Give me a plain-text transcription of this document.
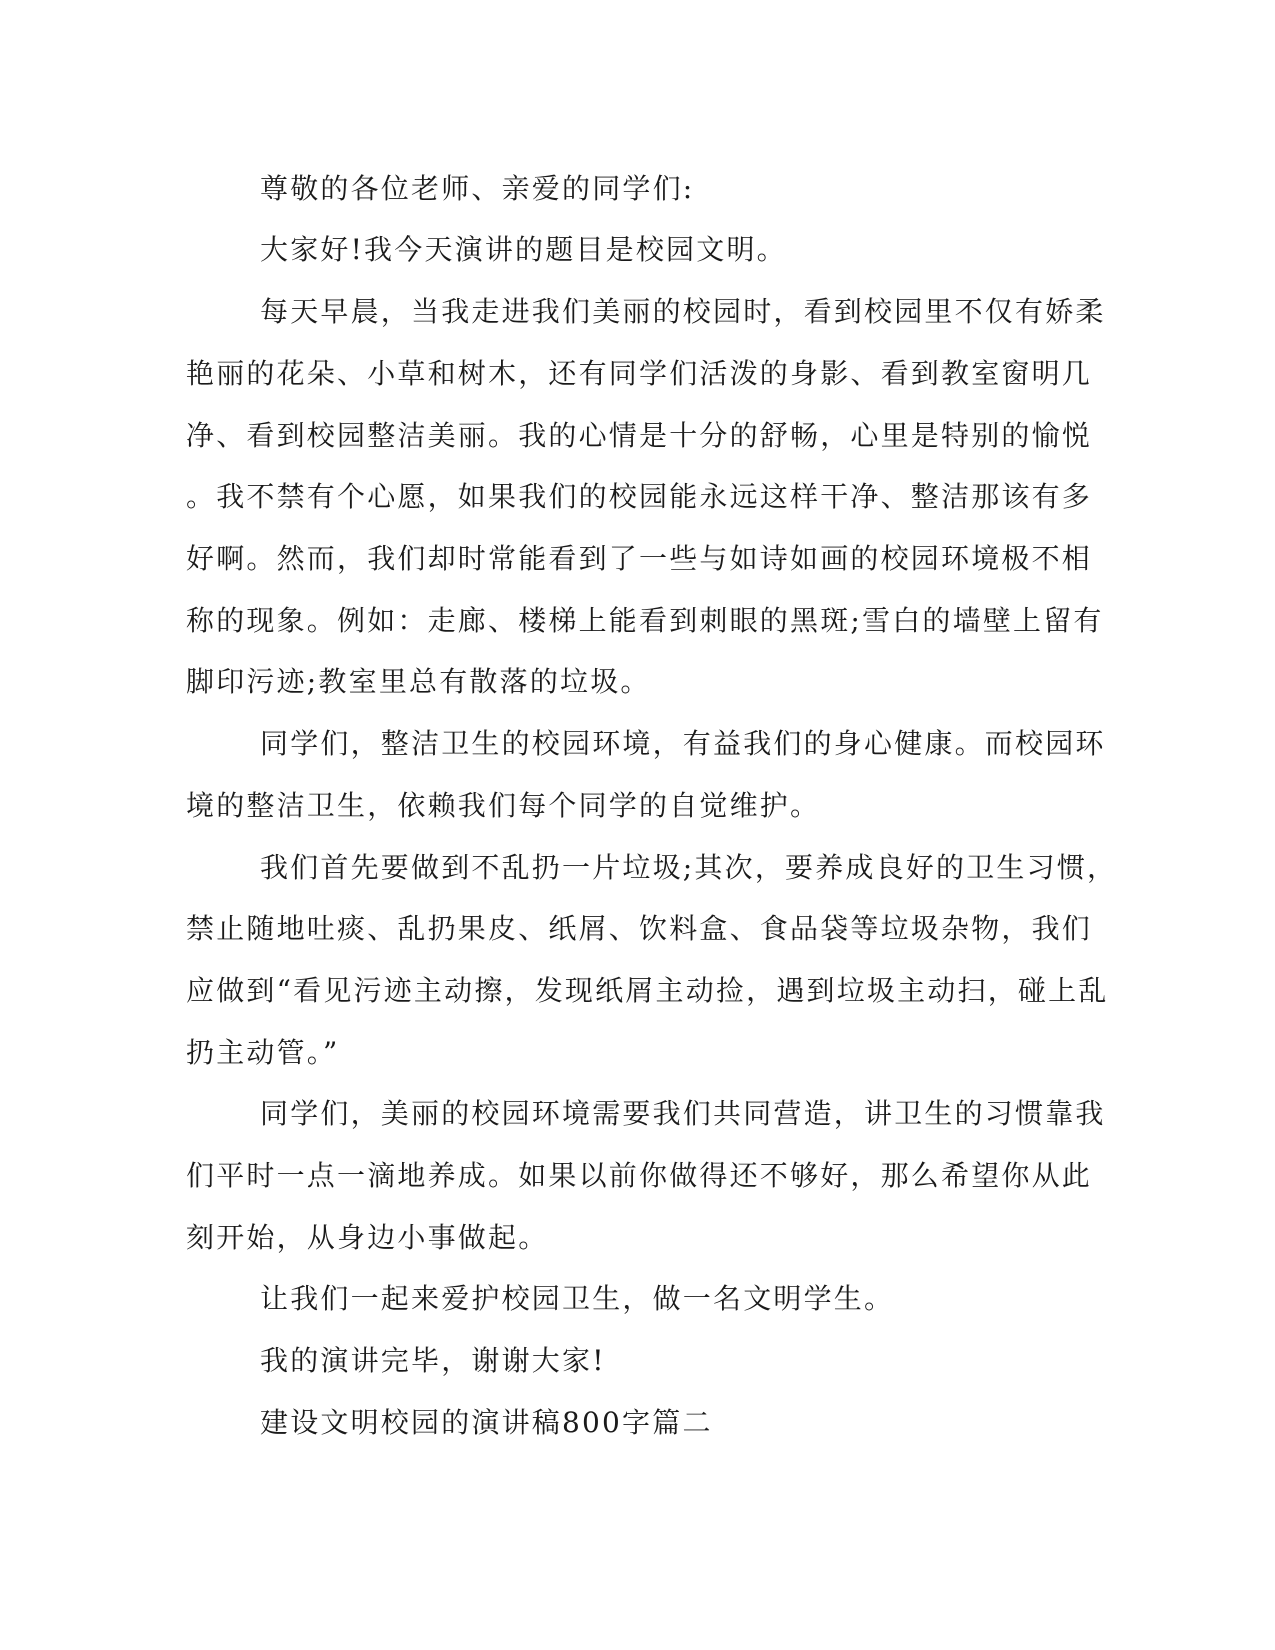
尊敬的各位老师、亲爱的同学们:
大家好!我今天演讲的题目是校园文明。
每天早晨，当我走进我们美丽的校园时，看到校园里不仅有娇柔
艳丽的花朵、小草和树木，还有同学们活泼的身影、看到教室窗明几
净、看到校园整洁美丽。我的心情是十分的舒畅，心里是特别的愉悦
。我不禁有个心愿，如果我们的校园能永远这样干净、整洁那该有多
好啊。然而，我们却时常能看到了一些与如诗如画的校园环境极不相
称的现象。例如：走廊、楼梯上能看到刺眼的黑斑;雪白的墙壁上留有
脚印污迹;教室里总有散落的垃圾。
同学们，整洁卫生的校园环境，有益我们的身心健康。而校园环
境的整洁卫生，依赖我们每个同学的自觉维护。
我们首先要做到不乱扔一片垃圾;其次，要养成良好的卫生习惯，
禁止随地吐痰、乱扔果皮、纸屑、饮料盒、食品袋等垃圾杂物，我们
应做到“看见污迹主动擦，发现纸屑主动捡，遇到垃圾主动扫，碰上乱
扔主动管。”
同学们，美丽的校园环境需要我们共同营造，讲卫生的习惯靠我
们平时一点一滴地养成。如果以前你做得还不够好，那么希望你从此
刻开始，从身边小事做起。
让我们一起来爱护校园卫生，做一名文明学生。
我的演讲完毕，谢谢大家!
建设文明校园的演讲稿800字篇二
